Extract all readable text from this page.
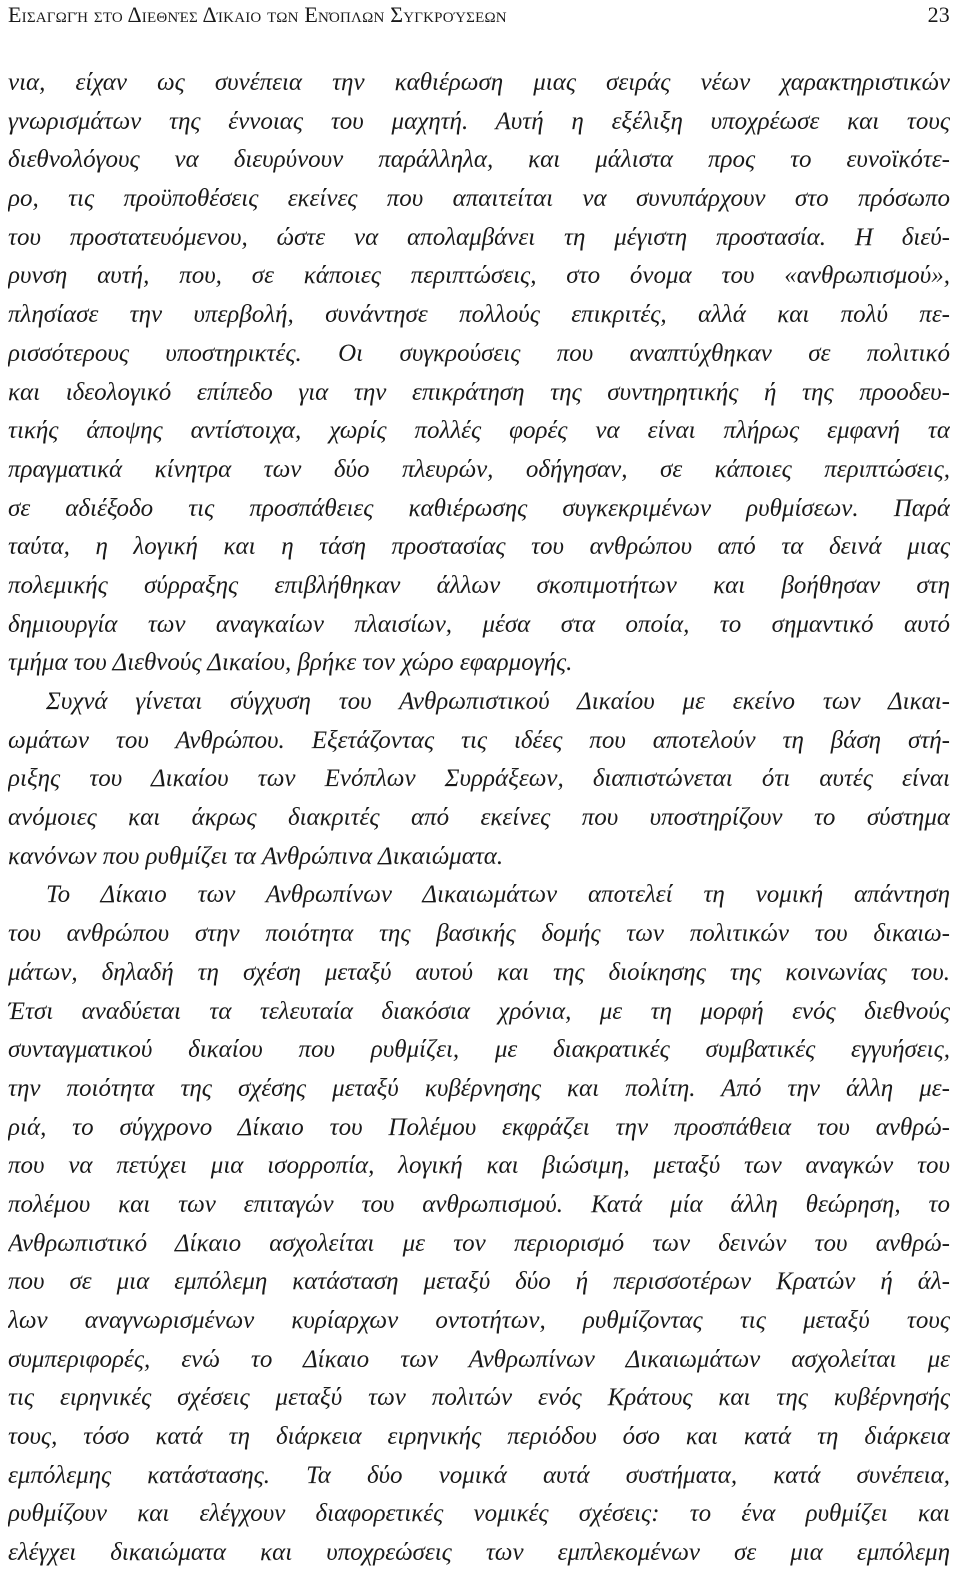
Εισαγωγή στο Διεθνές Δίκαιο των Ενόπλων Συγκρούσεων	23
νια, είχαν ως συνέπεια την καθιέρωση μιας σειράς νέων χαρακτηριστικών
γνωρισμάτων της έννοιας του μαχητή. Αυτή η εξέλιξη υποχρέωσε και τους
διεθνολόγους να διευρύνουν παράλληλα, και μάλιστα προς το ευνοϊκότε-
ρο, τις προϋποθέσεις εκείνες που απαιτείται να συνυπάρχουν στο πρόσωπο
του προστατευόμενου, ώστε να απολαμβάνει τη μέγιστη προστασία. Η διεύ-
ρυνση αυτή, που, σε κάποιες περιπτώσεις, στο όνομα του «ανθρωπισμού»,
πλησίασε την υπερβολή, συνάντησε πολλούς επικριτές, αλλά και πολύ πε-
ρισσότερους υποστηρικτές. Οι συγκρούσεις που αναπτύχθηκαν σε πολιτικό
και ιδεολογικό επίπεδο για την επικράτηση της συντηρητικής ή της προοδευ-
τικής άποψης αντίστοιχα, χωρίς πολλές φορές να είναι πλήρως εμφανή τα
πραγματικά κίνητρα των δύο πλευρών, οδήγησαν, σε κάποιες περιπτώσεις,
σε αδιέξοδο τις προσπάθειες καθιέρωσης συγκεκριμένων ρυθμίσεων. Παρά
ταύτα, η λογική και η τάση προστασίας του ανθρώπου από τα δεινά μιας
πολεμικής σύρραξης επιβλήθηκαν άλλων σκοπιμοτήτων και βοήθησαν στη
δημιουργία των αναγκαίων πλαισίων, μέσα στα οποία, το σημαντικό αυτό
τμήμα του Διεθνούς Δικαίου, βρήκε τον χώρο εφαρμογής.
Συχνά γίνεται σύγχυση του Ανθρωπιστικού Δικαίου με εκείνο των Δικαι-
ωμάτων του Ανθρώπου. Εξετάζοντας τις ιδέες που αποτελούν τη βάση στή-
ριξης του Δικαίου των Ενόπλων Συρράξεων, διαπιστώνεται ότι αυτές είναι
ανόμοιες και άκρως διακριτές από εκείνες που υποστηρίζουν το σύστημα
κανόνων που ρυθμίζει τα Ανθρώπινα Δικαιώματα.
Το Δίκαιο των Ανθρωπίνων Δικαιωμάτων αποτελεί τη νομική απάντηση
του ανθρώπου στην ποιότητα της βασικής δομής των πολιτικών του δικαιω-
μάτων, δηλαδή τη σχέση μεταξύ αυτού και της διοίκησης της κοινωνίας του.
Έτσι αναδύεται τα τελευταία διακόσια χρόνια, με τη μορφή ενός διεθνούς
συνταγματικού δικαίου που ρυθμίζει, με διακρατικές συμβατικές εγγυήσεις,
την ποιότητα της σχέσης μεταξύ κυβέρνησης και πολίτη. Από την άλλη με-
ριά, το σύγχρονο Δίκαιο του Πολέμου εκφράζει την προσπάθεια του ανθρώ-
που να πετύχει μια ισορροπία, λογική και βιώσιμη, μεταξύ των αναγκών του
πολέμου και των επιταγών του ανθρωπισμού. Κατά μία άλλη θεώρηση, το
Ανθρωπιστικό Δίκαιο ασχολείται με τον περιορισμό των δεινών του ανθρώ-
που σε μια εμπόλεμη κατάσταση μεταξύ δύο ή περισσοτέρων Κρατών ή άλ-
λων αναγνωρισμένων κυρίαρχων οντοτήτων, ρυθμίζοντας τις μεταξύ τους
συμπεριφορές, ενώ το Δίκαιο των Ανθρωπίνων Δικαιωμάτων ασχολείται με
τις ειρηνικές σχέσεις μεταξύ των πολιτών ενός Κράτους και της κυβέρνησής
τους, τόσο κατά τη διάρκεια ειρηνικής περιόδου όσο και κατά τη διάρκεια
εμπόλεμης κατάστασης. Τα δύο νομικά αυτά συστήματα, κατά συνέπεια,
ρυθμίζουν και ελέγχουν διαφορετικές νομικές σχέσεις: το ένα ρυθμίζει και
ελέγχει δικαιώματα και υποχρεώσεις των εμπλεκομένων σε μια εμπόλεμη
